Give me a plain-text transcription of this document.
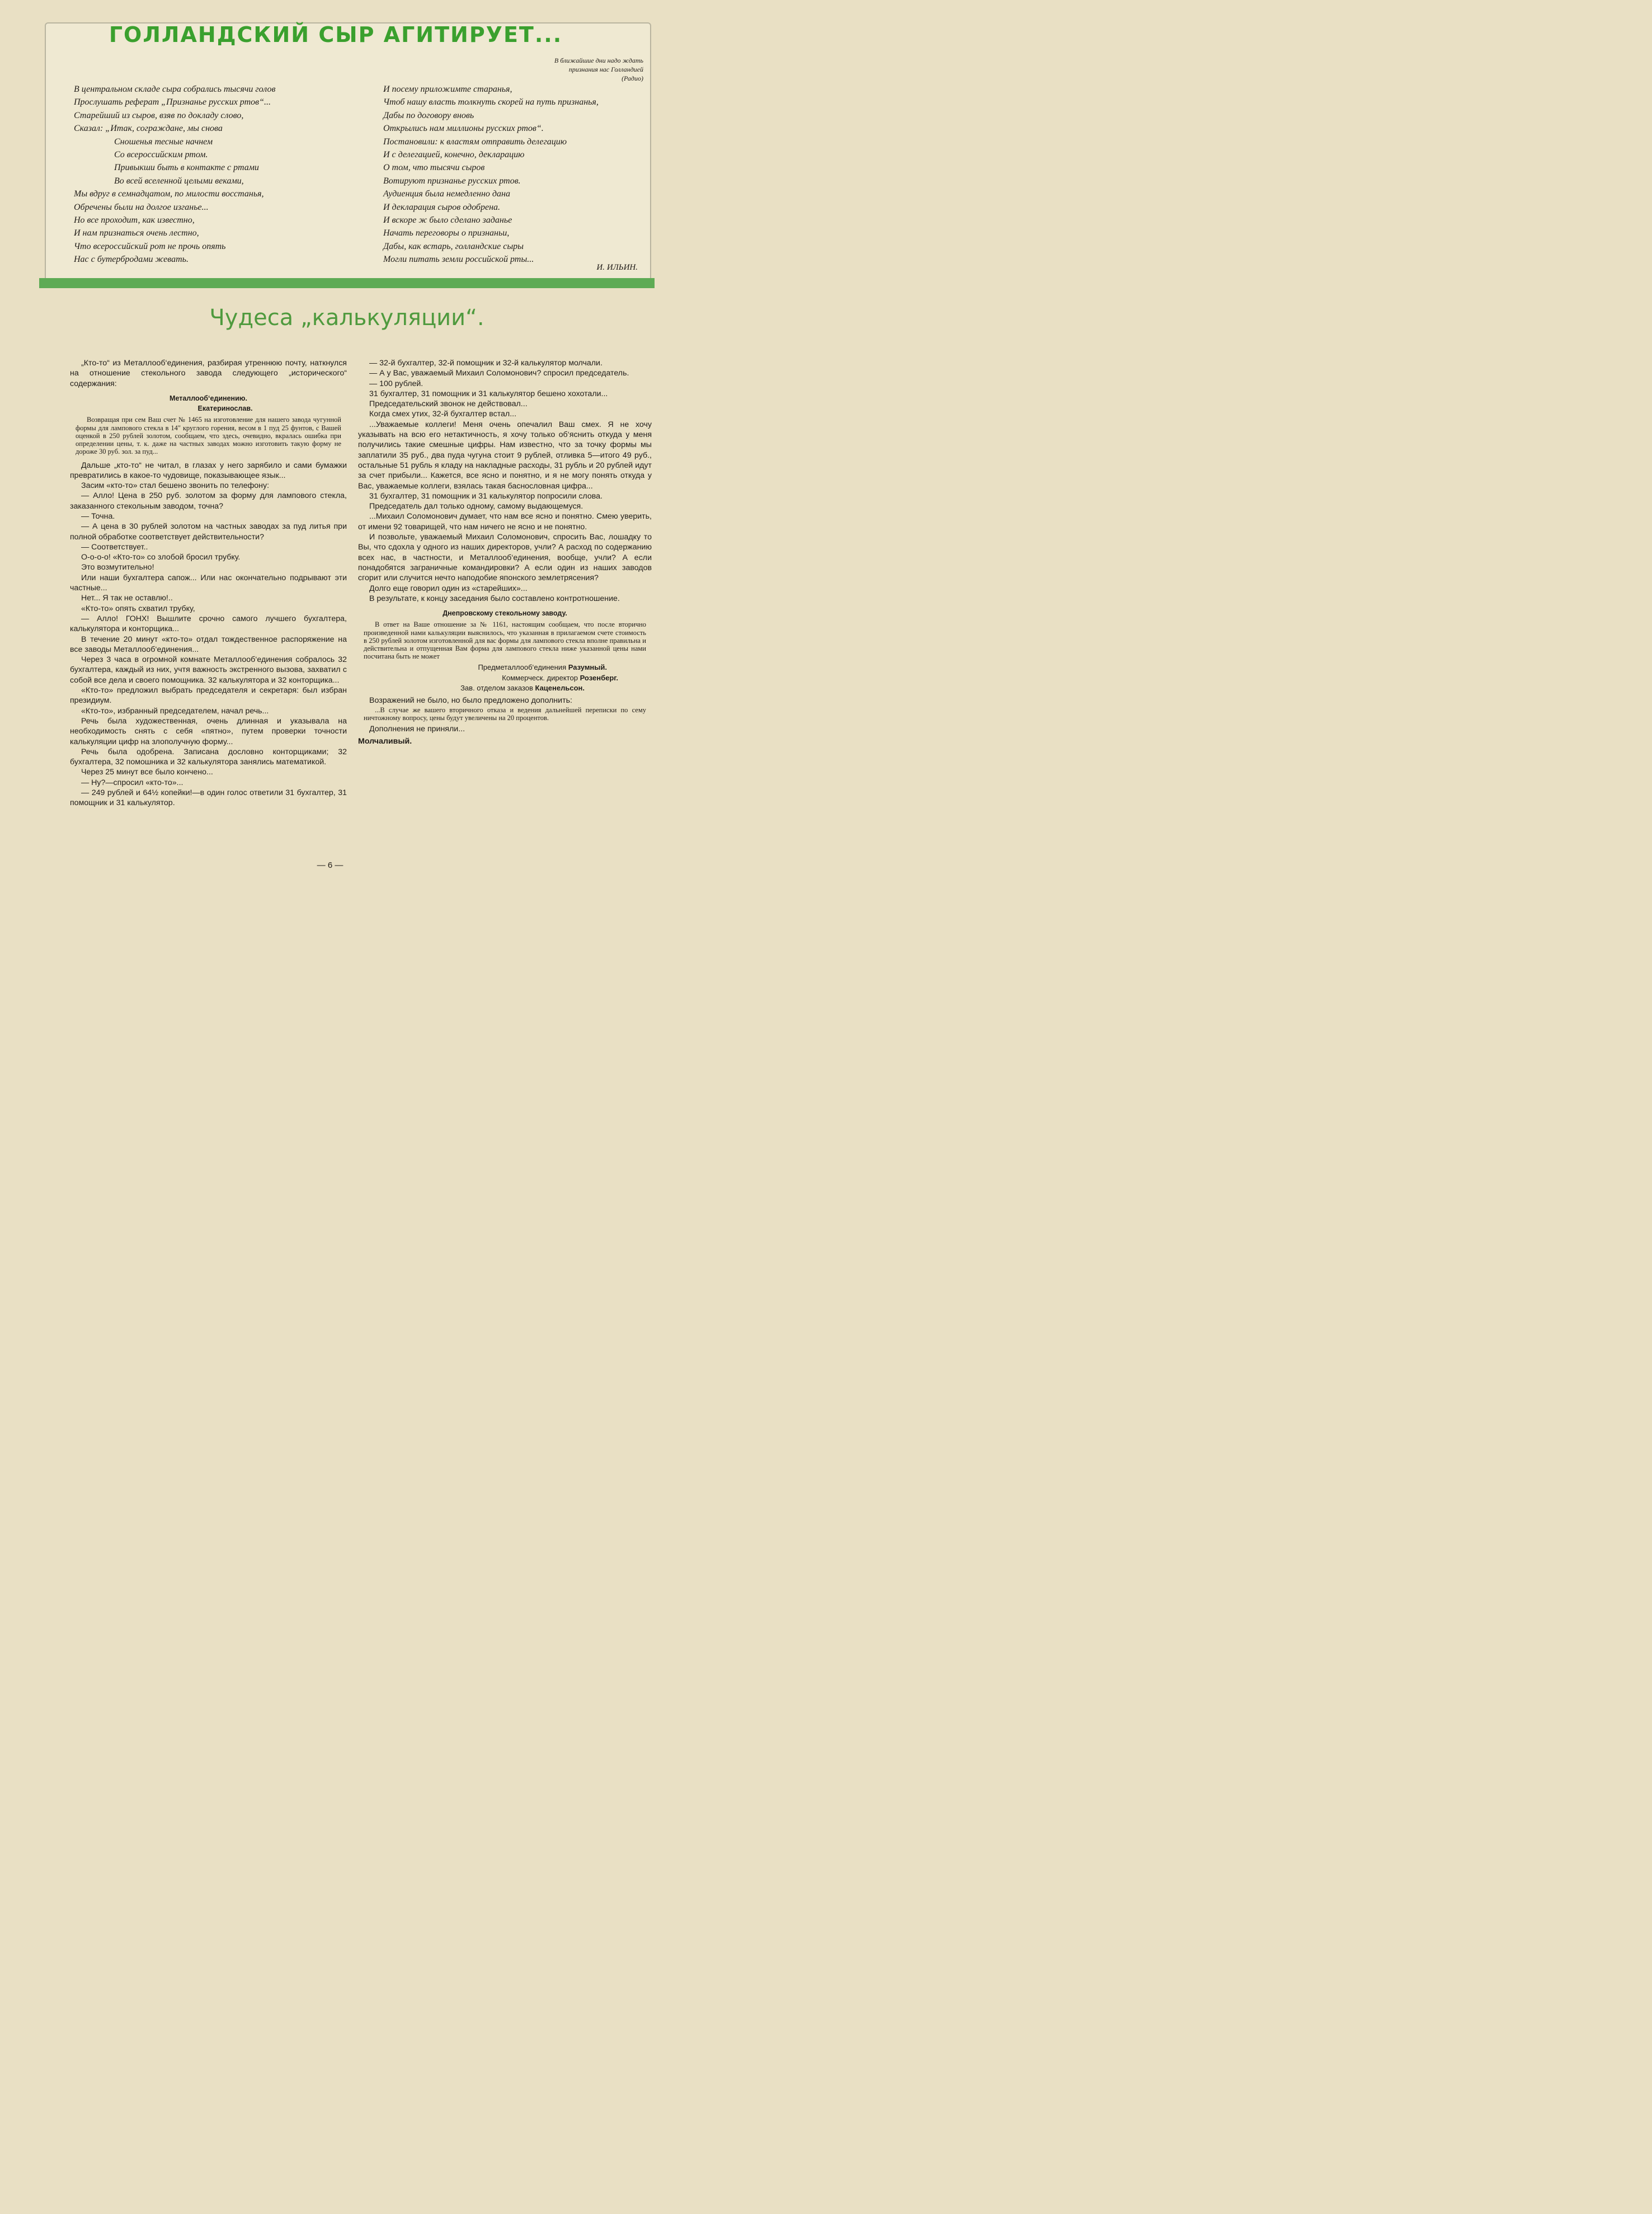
ГОЛЛАНДСКИЙ СЫР АГИТИРУЕТ...
В ближайшие дни надо ждать
признания нас Голландией
(Радио)
В центральном складе сыра собрались тысячи голов
Прослушать реферат „Признанье русских ртов“...
Старейший из сыров, взяв по докладу слово,
Сказал: „Итак, сограждане, мы снова
Сношенья тесные начнем
Со всероссийским ртом.
Привыкши быть в контакте с ртами
Во всей вселенной целыми веками,
Мы вдруг в семнадцатом, по милости восстанья,
Обречены были на долгое изганье...
Но все проходит, как известно,
И нам признаться очень лестно,
Что всероссийский рот не прочь опять
Нас с бутербродами жевать.
И посему приложимте старанья,
Чтоб нашу власть толкнуть скорей на путь признанья,
Дабы по договору вновь
Открылись нам миллионы русских ртов“.
Постановили: к властям отправить делегацию
И с делегацией, конечно, декларацию
О том, что тысячи сыров
Вотируют признанье русских ртов.
Аудиенция была немедленно дана
И декларация сыров одобрена.
И вскоре ж было сделано заданье
Начать переговоры о признаньи,
Дабы, как встарь, голландские сыры
Могли питать земли российской рты...
И. ИЛЬИН.
Чудеса „калькуляции“.

„Кто-то“ из Металлооб‘единения, разбирая утреннюю почту, наткнулся на отношение стекольного завода следующего „исторического“ содержания:

Металлооб‘единению.

Екатеринослав.

Возвращая при сем Ваш счет № 1465 на изготовление для нашего завода чугунной формы для лампового стекла в 14" круглого горения, весом в 1 пуд 25 фунтов, с Вашей оценкой в 250 рублей золотом, сообщаем, что здесь, очевидно, вкралась ошибка при определении цены, т. к. даже на частных заводах можно изготовить такую форму не дороже 30 руб. зол. за пуд...

Дальше „кто-то“ не читал, в глазах у него зарябило и сами бумажки превратились в какое-то чудовище, показывающее язык...

Засим «кто-то» стал бешено звонить по телефону:

— Алло! Цена в 250 руб. золотом за форму для лампового стекла, заказанного стекольным заводом, точна?

— Точна.

— А цена в 30 рублей золотом на частных заводах за пуд литья при полной обработке соответствует действительности?

— Соответствует..

О-о-о-о! «Кто-то» со злобой бросил трубку.

Это возмутительно!

Или наши бухгалтера сапож... Или нас окончательно подрывают эти частные...

Нет... Я так не оставлю!..

«Кто-то» опять схватил трубку,

— Алло! ГОНХ! Вышлите срочно самого лучшего бухгалтера, калькулятора и конторщика...

В течение 20 минут «кто-то» отдал тождественное распоряжение на все заводы Металлооб‘единения...

Через 3 часа в огромной комнате Металлооб‘единения собралось 32 бухгалтера, каждый из них, учтя важность экстренного вызова, захватил с собой все дела и своего помощника. 32 калькулятора и 32 конторщика...

«Кто-то» предложил выбрать председателя и секретаря: был избран президиум.

«Кто-то», избранный председателем, начал речь...

Речь была художественная, очень длинная и указывала на необходимость снять с себя «пятно», путем проверки точности калькуляции цифр на злополучную форму...

Речь была одобрена. Записана дословно конторщиками; 32 бухгалтера, 32 помошника и 32 калькулятора занялись математикой.

Через 25 минут все было кончено...

— Ну?—спросил «кто-то»...

— 249 рублей и 64½ копейки!—в один голос ответили 31 бухгалтер, 31 помощник и 31 калькулятор.

— 32-й бухгалтер, 32-й помощник и 32-й калькулятор молчали.

— А у Вас, уважаемый Михаил Соломонович? спросил председатель.

— 100 рублей.

31 бухгалтер, 31 помощник и 31 калькулятор бешено хохотали...

Председательский звонок не действовал...

Когда смех утих, 32-й бухгалтер встал...

...Уважаемые коллеги! Меня очень опечалил Ваш смех. Я не хочу указывать на всю его нетактичность, я хочу только об‘яснить откуда у меня получились такие смешные цифры. Нам известно, что за точку формы мы заплатили 35 руб., два пуда чугуна стоит 9 рублей, отливка 5—итого 49 руб., остальные 51 рубль я кладу на накладные расходы, 31 рубль и 20 рублей идут за счет прибыли... Кажется, все ясно и понятно, и я не могу понять откуда у Вас, уважаемые коллеги, взялась такая баснословная цифра...

31 бухгалтер, 31 помощник и 31 калькулятор попросили слова.

Председатель дал только одному, самому выдающемуся.

...Михаил Соломонович думает, что нам все ясно и понятно. Смею уверить, от имени 92 товарищей, что нам ничего не ясно и не понятно.

И позвольте, уважаемый Михаил Соломонович, спросить Вас, лошадку то Вы, что сдохла у одного из наших директоров, учли? А расход по содержанию всех нас, в частности, и Металлооб‘единения, вообще, учли? А если понадобятся заграничные командировки? А если один из наших заводов сгорит или случится нечто наподобие японского землетрясения?

Долго еще говорил один из «старейших»...

В результате, к концу заседания было составлено контротношение.

Днепровскому стекольному заводу.

В ответ на Ваше отношение за № 1161, настоящим сообщаем, что после вторично произведенной нами калькуляции выяснилось, что указанная в прилагаемом счете стоимость в 250 рублей золотом изготовленной для вас формы для лампового стекла вполне правильна и действительна и отпущенная Вам форма для лампового стекла ниже указанной цены нами посчитана быть не может

Предметаллооб‘единения Разумный.

Коммерческ. директор Розенберг.

Зав. отделом заказов Каценельсон.

Возражений не было, но было предложено дополнить:

...В случае же вашего вторичного отказа и ведения дальнейшей переписки по сему ничтожному вопросу, цены будут увеличены на 20 процентов.

Дополнения не приняли...

Молчаливый.

— 6 —
